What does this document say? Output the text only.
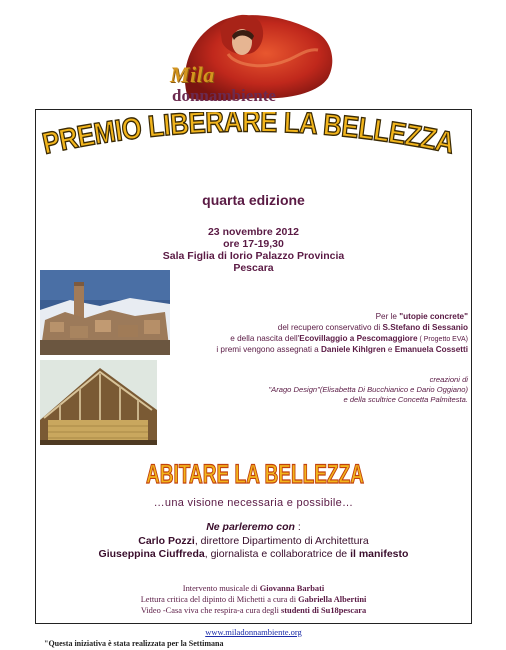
Mila
donnambiente
PREMIO LIBERARE LA BELLEZZA
quarta edizione
23 novembre 2012
ore 17-19,30
Sala Figlia di Iorio Palazzo Provincia
Pescara
Per le "utopie concrete"
del recupero conservativo di S.Stefano di Sessanio
e della nascita dell'Ecovillaggio a Pescomaggiore ( Progetto EVA)
i premi vengono assegnati a Daniele Kihlgren e Emanuela Cossetti
creazioni di
"Arago Design"(Elisabetta Di Bucchianico e Dario Oggiano)
e della scultrice Concetta Palmitesta.
ABITARE LA BELLEZZA
…una visione necessaria e possibile…
Ne parleremo con :
Carlo Pozzi, direttore Dipartimento di Architettura
Giuseppina Ciuffreda, giornalista e collaboratrice de il manifesto
Intervento musicale di Giovanna Barbati
Lettura critica del dipinto di Michetti a cura di Gabriella Albertini
Video -Casa viva che respira-a cura degli studenti di Su18pescara
www.miladonnambiente.org
"Questa iniziativa è stata realizzata per la Settimana
